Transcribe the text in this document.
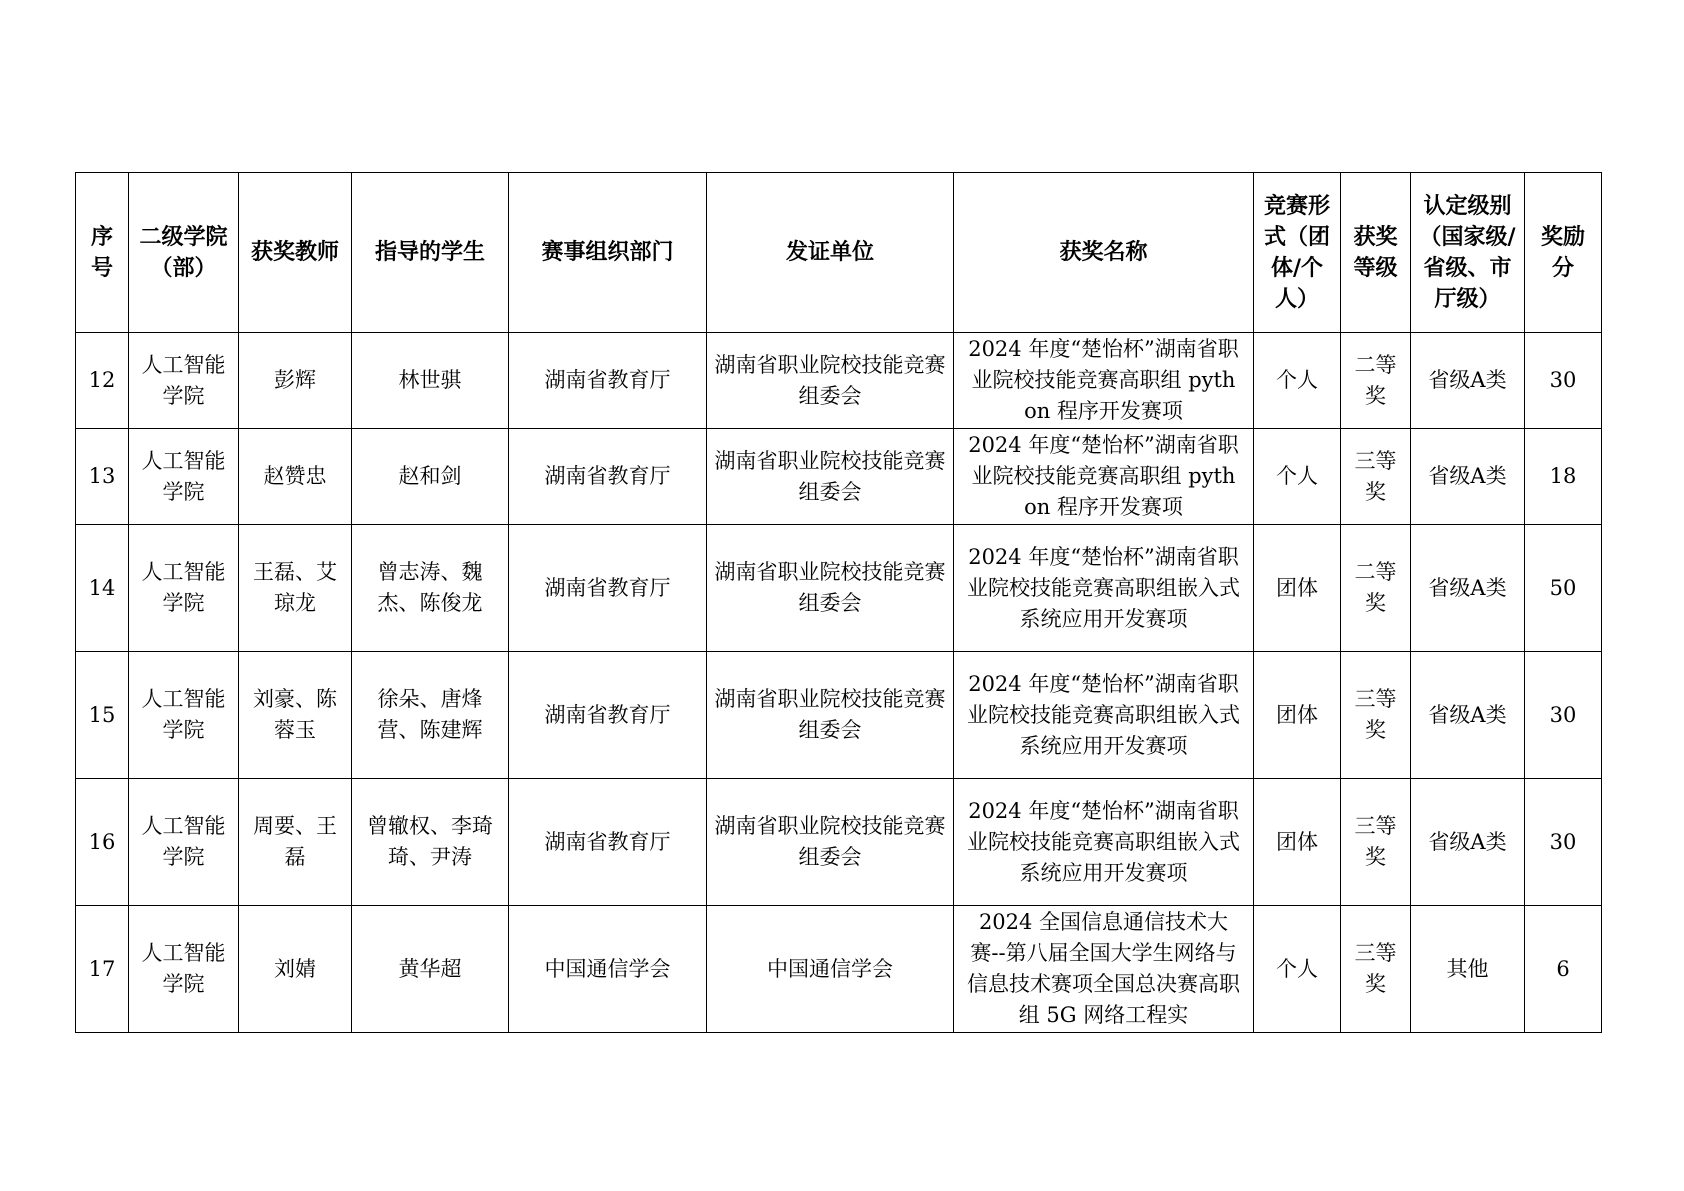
序号	二级学院（部）	获奖教师	指导的学生	赛事组织部门	发证单位	获奖名称	竞赛形式（团体/个人）	获奖等级	认定级别（国家级/省级、市厅级）	奖励分
12	人工智能学院	彭辉	林世骐	湖南省教育厅	湖南省职业院校技能竞赛组委会	2024 年度“楚怡杯”湖南省职业院校技能竞赛高职组 python 程序开发赛项	个人	二等奖	省级A类	30
13	人工智能学院	赵赞忠	赵和剑	湖南省教育厅	湖南省职业院校技能竞赛组委会	2024 年度“楚怡杯”湖南省职业院校技能竞赛高职组 python 程序开发赛项	个人	三等奖	省级A类	18
14	人工智能学院	王磊、艾琼龙	曾志涛、魏杰、陈俊龙	湖南省教育厅	湖南省职业院校技能竞赛组委会	2024 年度“楚怡杯”湖南省职业院校技能竞赛高职组嵌入式系统应用开发赛项	团体	二等奖	省级A类	50
15	人工智能学院	刘豪、陈蓉玉	徐朵、唐烽营、陈建辉	湖南省教育厅	湖南省职业院校技能竞赛组委会	2024 年度“楚怡杯”湖南省职业院校技能竞赛高职组嵌入式系统应用开发赛项	团体	三等奖	省级A类	30
16	人工智能学院	周要、王磊	曾辙权、李琦琦、尹涛	湖南省教育厅	湖南省职业院校技能竞赛组委会	2024 年度“楚怡杯”湖南省职业院校技能竞赛高职组嵌入式系统应用开发赛项	团体	三等奖	省级A类	30
17	人工智能学院	刘婧	黄华超	中国通信学会	中国通信学会	2024 全国信息通信技术大赛--第八届全国大学生网络与信息技术赛项全国总决赛高职组 5G 网络工程实	个人	三等奖	其他	6
